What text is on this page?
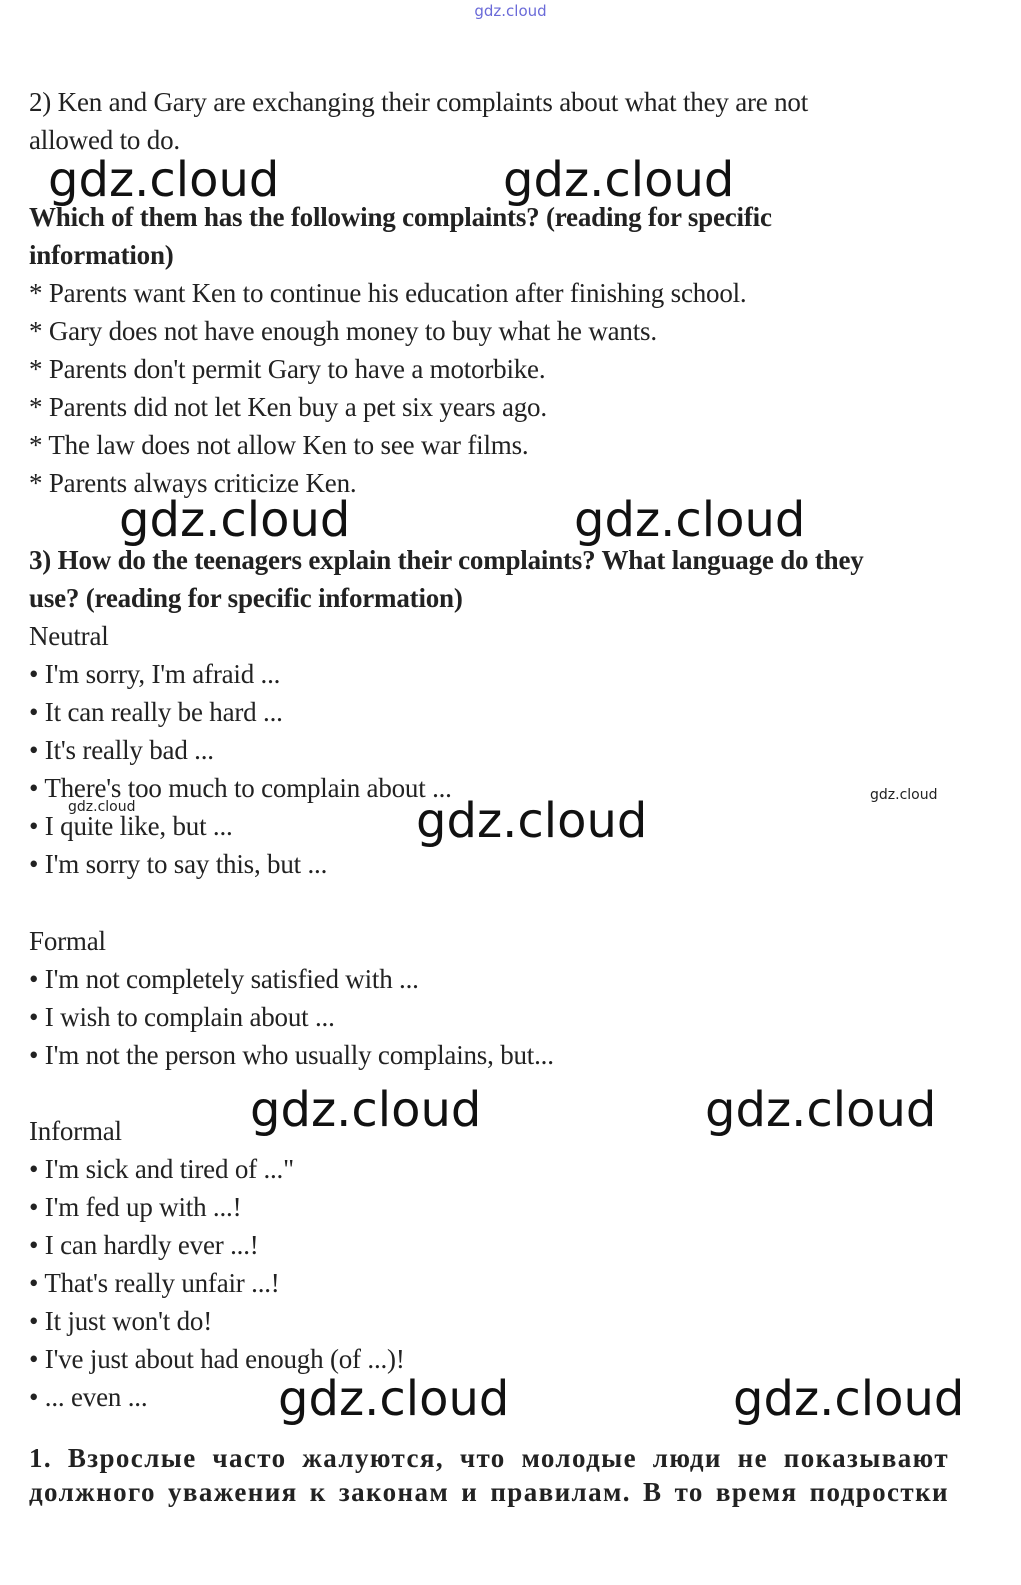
gdz.cloud
2) Ken and Gary are exchanging their complaints about what they are not
allowed to do.
Which of them has the following complaints? (reading for specific
information)
* Parents want Ken to continue his education after finishing school.
* Gary does not have enough money to buy what he wants.
* Parents don't permit Gary to have a motorbike.
* Parents did not let Ken buy a pet six years ago.
* The law does not allow Ken to see war films.
* Parents always criticize Ken.
3) How do the teenagers explain their complaints? What language do they
use? (reading for specific information)
Neutral
• I'm sorry, I'm afraid ...
• It can really be hard ...
• It's really bad ...
• There's too much to complain about ...
• I quite like, but ...
• I'm sorry to say this, but ...
Formal
• I'm not completely satisfied with ...
• I wish to complain about ...
• I'm not the person who usually complains, but...
Informal
• I'm sick and tired of ..."
• I'm fed up with ...!
• I can hardly ever ...!
• That's really unfair ...!
• It just won't do!
• I've just about had enough (of ...)!
• ... even ...
1. Взрослые часто жалуются, что молодые люди не показывают
должного уважения к законам и правилам. В то время подростки
gdz.cloud	gdz.cloud
gdz.cloud	gdz.cloud
gdz.cloud
gdz.cloud	gdz.cloud
gdz.cloud	gdz.cloud
gdz.cloud
gdz.cloud
